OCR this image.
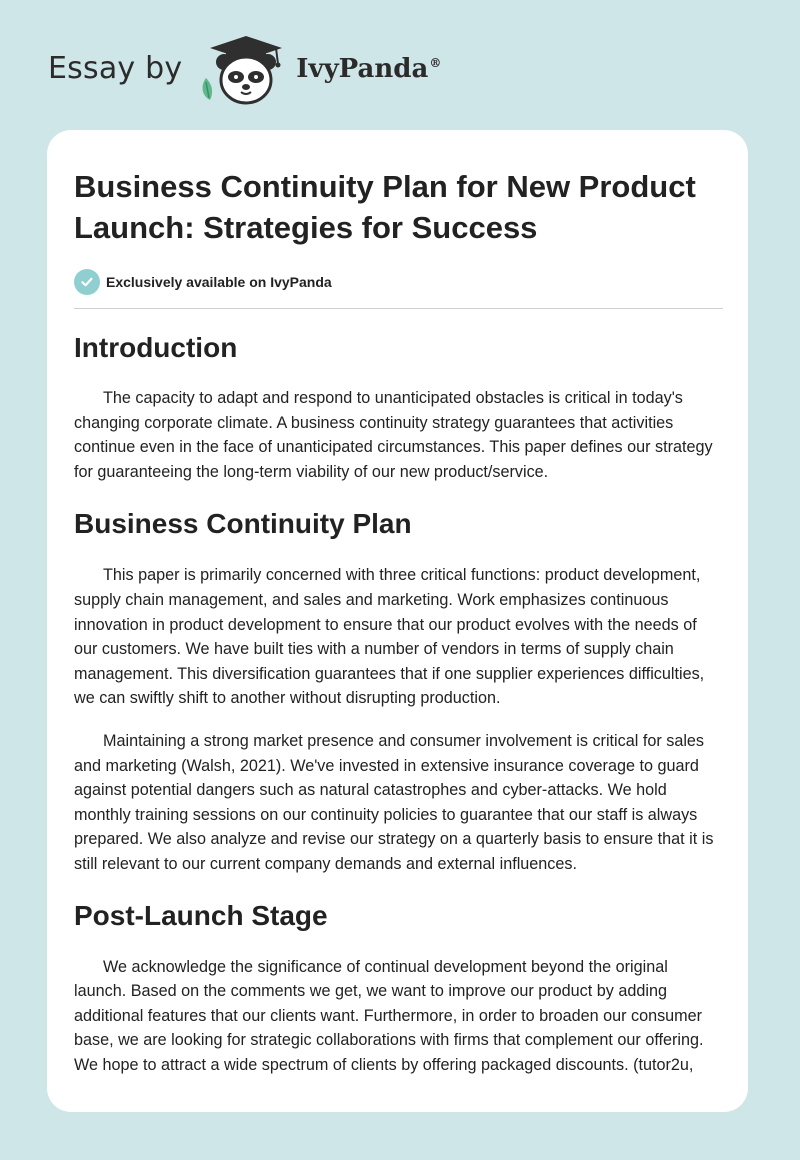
Essay by	IvyPanda®
Business Continuity Plan for New Product Launch: Strategies for Success
Exclusively available on IvyPanda
Introduction

The capacity to adapt and respond to unanticipated obstacles is critical in today's changing corporate climate. A business continuity strategy guarantees that activities continue even in the face of unanticipated circumstances. This paper defines our strategy for guaranteeing the long-term viability of our new product/service.

Business Continuity Plan

This paper is primarily concerned with three critical functions: product development, supply chain management, and sales and marketing. Work emphasizes continuous innovation in product development to ensure that our product evolves with the needs of our customers. We have built ties with a number of vendors in terms of supply chain management. This diversification guarantees that if one supplier experiences difficulties, we can swiftly shift to another without disrupting production.

Maintaining a strong market presence and consumer involvement is critical for sales and marketing (Walsh, 2021). We've invested in extensive insurance coverage to guard against potential dangers such as natural catastrophes and cyber-attacks. We hold monthly training sessions on our continuity policies to guarantee that our staff is always prepared. We also analyze and revise our strategy on a quarterly basis to ensure that it is still relevant to our current company demands and external influences.

Post-Launch Stage

We acknowledge the significance of continual development beyond the original launch. Based on the comments we get, we want to improve our product by adding additional features that our clients want. Furthermore, in order to broaden our consumer base, we are looking for strategic collaborations with firms that complement our offering. We hope to attract a wide spectrum of clients by offering packaged discounts. (tutor2u,
